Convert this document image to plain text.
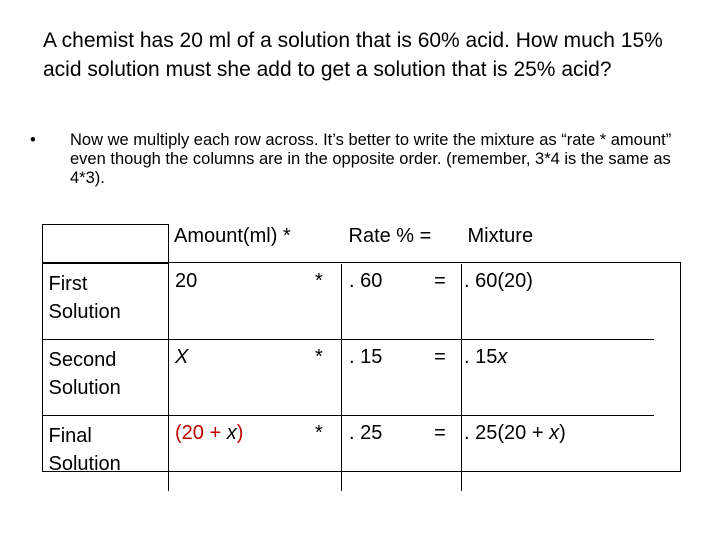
A chemist has 20 ml of a solution that is 60% acid. How much 15% acid solution must she add to get a solution that is 25% acid?
• Now we multiply each row across. It’s better to write the mixture as “rate * amount” even though the columns are in the opposite order. (remember, 3*4 is the same as 4*3).
	Amount(ml) *		Rate % =		Mixture
First
Solution	20	*	. 60	=	. 60(20)
Second
Solution	X	*	. 15	=	. 15x
Final
Solution	(20 + x)	*	. 25	=	. 25(20 + x)
